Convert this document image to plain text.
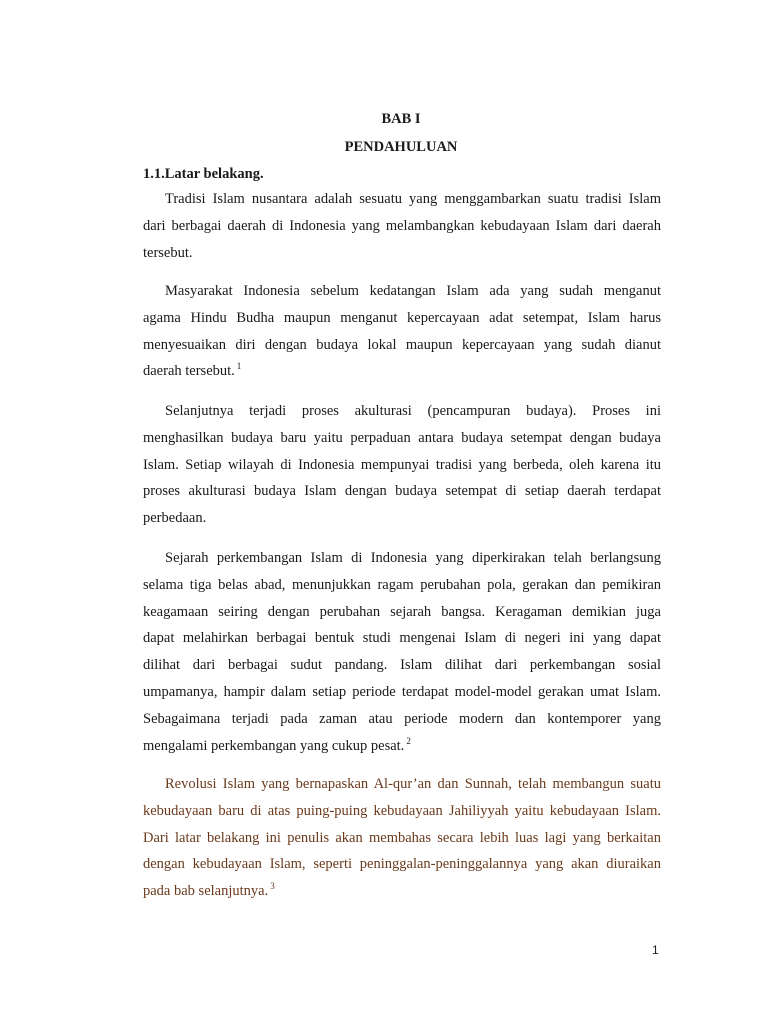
BAB I
PENDAHULUAN
1.1.Latar belakang.
Tradisi Islam nusantara adalah sesuatu yang menggambarkan suatu tradisi Islam
dari berbagai daerah di Indonesia yang melambangkan kebudayaan Islam dari daerah
tersebut.
Masyarakat Indonesia sebelum kedatangan Islam ada yang sudah menganut
agama Hindu Budha maupun menganut kepercayaan adat setempat, Islam harus
menyesuaikan diri dengan budaya lokal maupun kepercayaan yang sudah dianut
daerah tersebut. $^1$
Selanjutnya terjadi proses akulturasi (pencampuran budaya). Proses ini
menghasilkan budaya baru yaitu perpaduan antara budaya setempat dengan budaya
Islam. Setiap wilayah di Indonesia mempunyai tradisi yang berbeda, oleh karena itu
proses akulturasi budaya Islam dengan budaya setempat di setiap daerah terdapat
perbedaan.
Sejarah perkembangan Islam di Indonesia yang diperkirakan telah berlangsung
selama tiga belas abad, menunjukkan ragam perubahan pola, gerakan dan pemikiran
keagamaan seiring dengan perubahan sejarah bangsa. Keragaman demikian juga
dapat melahirkan berbagai bentuk studi mengenai Islam di negeri ini yang dapat
dilihat dari berbagai sudut pandang. Islam dilihat dari perkembangan sosial
umpamanya, hampir dalam setiap periode terdapat model-model gerakan umat Islam.
Sebagaimana terjadi pada zaman atau periode modern dan kontemporer yang
mengalami perkembangan yang cukup pesat. $^2$
Revolusi Islam yang bernapaskan Al-qur’an dan Sunnah, telah membangun suatu
kebudayaan baru di atas puing-puing kebudayaan Jahiliyyah yaitu kebudayaan Islam.
Dari latar belakang ini penulis akan membahas secara lebih luas lagi yang berkaitan
dengan kebudayaan Islam, seperti peninggalan-peninggalannya yang akan diuraikan
pada bab selanjutnya. $^3$
1
